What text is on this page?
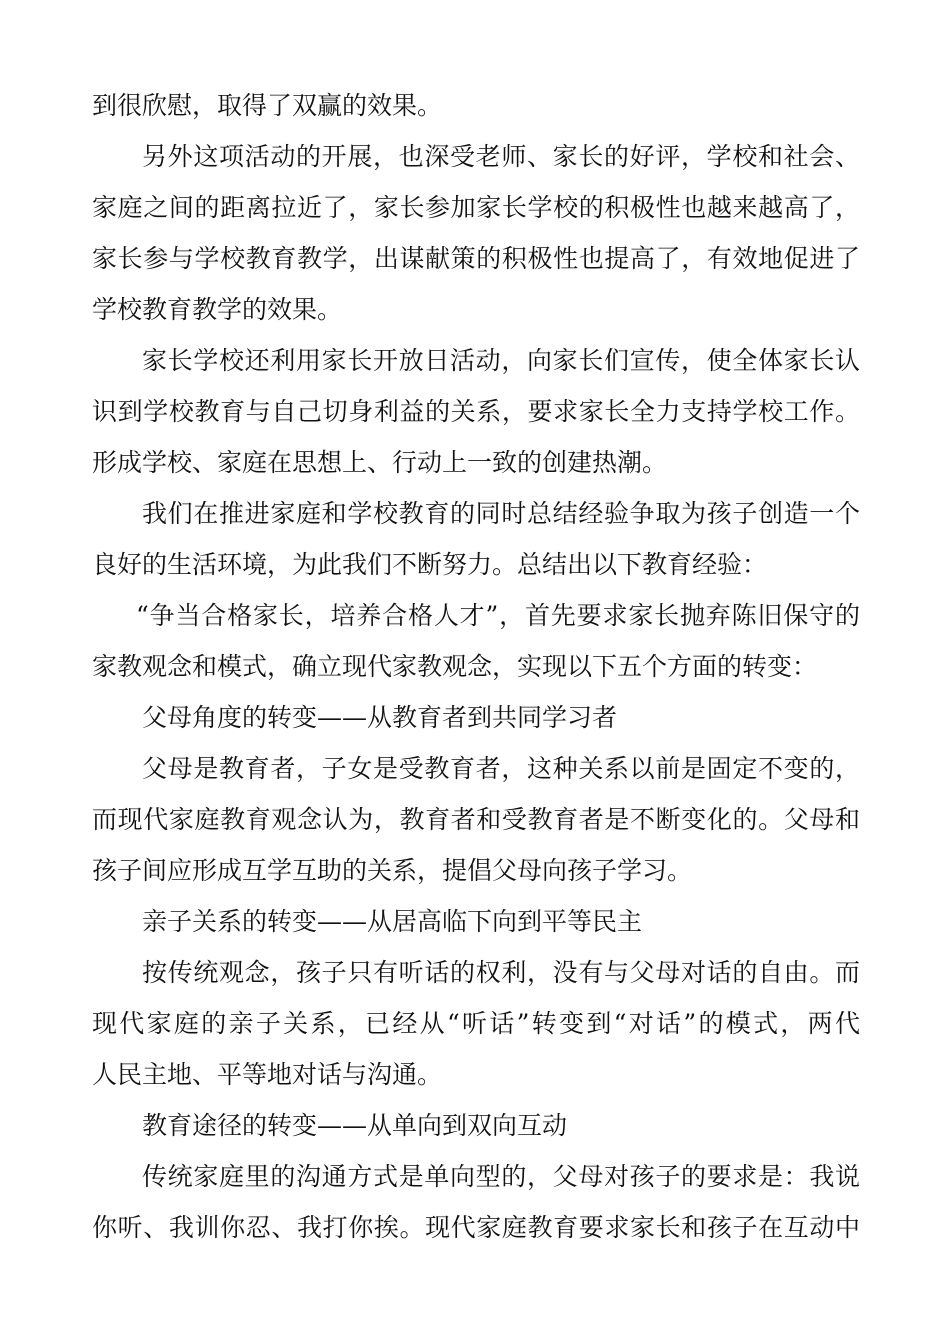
到很欣慰，取得了双赢的效果。
另外这项活动的开展，也深受老师、家长的好评，学校和社会、
家庭之间的距离拉近了，家长参加家长学校的积极性也越来越高了，
家长参与学校教育教学，出谋献策的积极性也提高了，有效地促进了
学校教育教学的效果。
家长学校还利用家长开放日活动，向家长们宣传，使全体家长认
识到学校教育与自己切身利益的关系，要求家长全力支持学校工作。
形成学校、家庭在思想上、行动上一致的创建热潮。
我们在推进家庭和学校教育的同时总结经验争取为孩子创造一个
良好的生活环境，为此我们不断努力。总结出以下教育经验：
“争当合格家长，培养合格人才”，首先要求家长抛弃陈旧保守的
家教观念和模式，确立现代家教观念，实现以下五个方面的转变：
父母角度的转变——从教育者到共同学习者
父母是教育者，子女是受教育者，这种关系以前是固定不变的，
而现代家庭教育观念认为，教育者和受教育者是不断变化的。父母和
孩子间应形成互学互助的关系，提倡父母向孩子学习。
亲子关系的转变——从居高临下向到平等民主
按传统观念，孩子只有听话的权利，没有与父母对话的自由。而
现代家庭的亲子关系，已经从“听话”转变到“对话”的模式，两代
人民主地、平等地对话与沟通。
教育途径的转变——从单向到双向互动
传统家庭里的沟通方式是单向型的，父母对孩子的要求是：我说
你听、我训你忍、我打你挨。现代家庭教育要求家长和孩子在互动中
